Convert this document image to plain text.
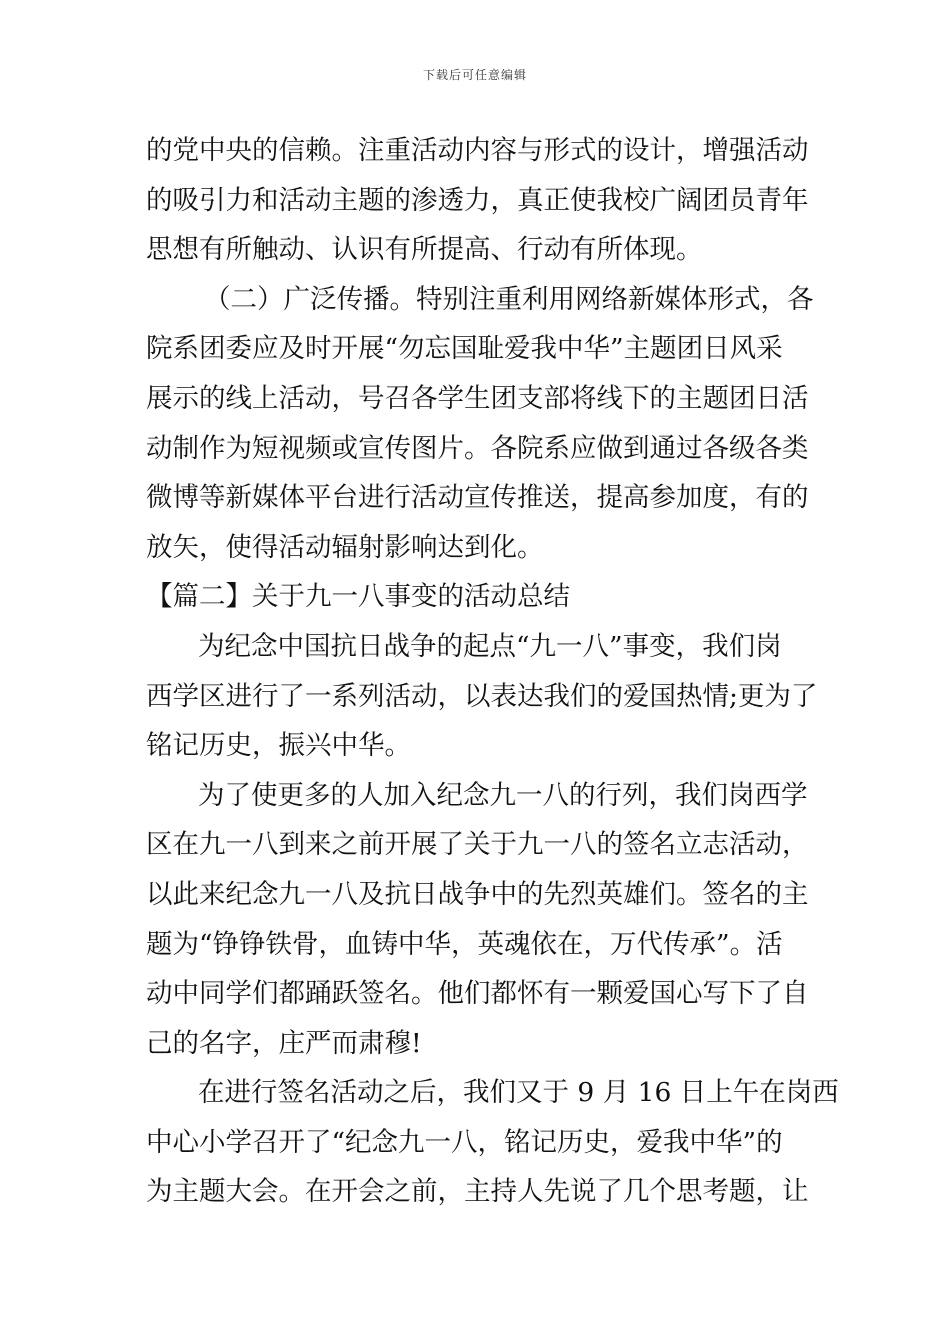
下载后可任意编辑
的党中央的信赖。注重活动内容与形式的设计，增强活动
的吸引力和活动主题的渗透力，真正使我校广阔团员青年
思想有所触动、认识有所提高、行动有所体现。
（二）广泛传播。特别注重利用网络新媒体形式，各
院系团委应及时开展“勿忘国耻爱我中华”主题团日风采
展示的线上活动，号召各学生团支部将线下的主题团日活
动制作为短视频或宣传图片。各院系应做到通过各级各类
微博等新媒体平台进行活动宣传推送，提高参加度，有的
放矢，使得活动辐射影响达到化。
【篇二】关于九一八事变的活动总结
为纪念中国抗日战争的起点“九一八”事变，我们岗
西学区进行了一系列活动，以表达我们的爱国热情;更为了
铭记历史，振兴中华。
为了使更多的人加入纪念九一八的行列，我们岗西学
区在九一八到来之前开展了关于九一八的签名立志活动，
以此来纪念九一八及抗日战争中的先烈英雄们。签名的主
题为“铮铮铁骨，血铸中华，英魂依在，万代传承”。活
动中同学们都踊跃签名。他们都怀有一颗爱国心写下了自
己的名字，庄严而肃穆!
在进行签名活动之后，我们又于 9 月 16 日上午在岗西
中心小学召开了“纪念九一八，铭记历史，爱我中华”的
为主题大会。在开会之前，主持人先说了几个思考题，让
